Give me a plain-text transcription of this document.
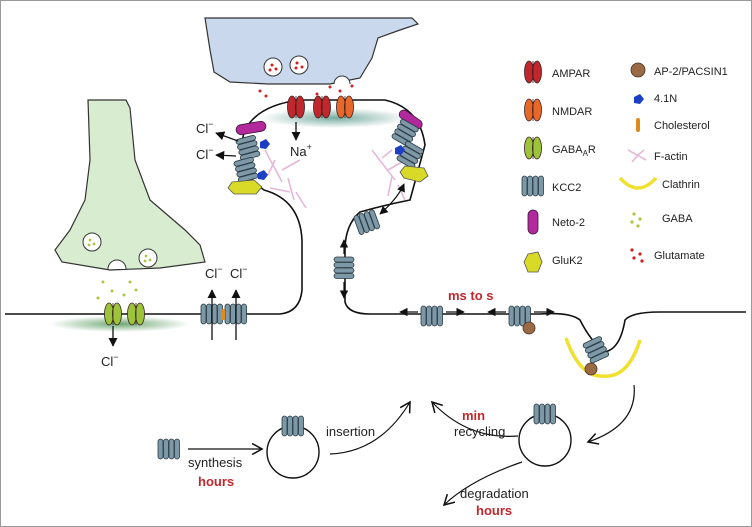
Na+
Cl−
Cl−
Cl−
Cl− Cl−
ms to s
min
recycling
degradation
hours
synthesis
hours
insertion
AMPAR
NMDAR
$GABA_AR$
KCC2
Neto-2
GluK2
AP-2/PACSIN1
4.1N
Cholesterol
F-actin
Clathrin
GABA
Glutamate
